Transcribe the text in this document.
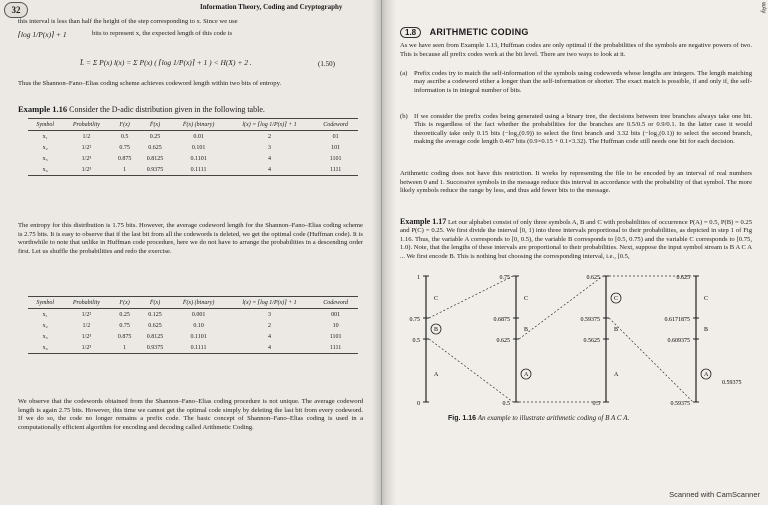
32	Information Theory, Coding and Cryptography

this interval is less than half the height of the step corresponding to x. Since we use

⌈log 1/P(x)⌉ + 1	bits to represent x, the expected length of this code is

L̄ = Σ P(x) l(x) = Σ P(x) ( ⌈log 1/P(x)⌉ + 1 ) < H(X) + 2 .	(1.50)

Thus the Shannon–Fano–Elias coding scheme achieves codeword length within two bits of entropy.

Example 1.16 Consider the D-adic distribution given in the following table.
Symbol	Probability	F(x)	F̄(x)	F̄(x) (binary)	l(x) = ⌈log 1/P(x)⌉ + 1	Codeword
x₁	1/2	0.5	0.25	0.01	2	01
x₂	1/2²	0.75	0.625	0.101	3	101
x₃	1/2³	0.875	0.8125	0.1101	4	1101
x₄	1/2³	1	0.9375	0.1111	4	1111

The entropy for this distribution is 1.75 bits. However, the average codeword length for the Shannon–Fano–Elias coding scheme is 2.75 bits. It is easy to observe that if the last bit from all the codewords is deleted, we get the optimal code (Huffman code). It is worthwhile to note that unlike in Huffman code procedure, here we do not have to arrange the probabilities in a descending order first. Let us shuffle the probabilities and redo the exercise.

Symbol	Probability	F(x)	F̄(x)	F̄(x) (binary)	l(x) = ⌈log 1/P(x)⌉ + 1	Codeword
x₁	1/2²	0.25	0.125	0.001	3	001
x₂	1/2	0.75	0.625	0.10	2	10
x₃	1/2³	0.875	0.8125	0.1101	4	1101
x₄	1/2³	1	0.9375	0.1111	4	1111

We observe that the codewords obtained from the Shannon–Fano–Elias coding procedure is not unique. The average codeword length is again 2.75 bits. However, this time we cannot get the optimal code simply by deleting the last bit from every codeword. If we do so, the code no longer remains a prefix code. The basic concept of Shannon–Fano–Elias coding is used in a computationally efficient algorithm for encoding and decoding called Arithmetic Coding.

1.8 ARITHMETIC CODING
wAy

As we have seen from Example 1.13, Huffman codes are only optimal if the probabilities of the symbols are negative powers of two. This is because all prefix codes work at the bit level. There are two ways to look at it.

(a)	Prefix codes try to match the self-information of the symbols using codewords whose lengths are integers. The length matching may ascribe a codeword either a longer than the self-information or shorter. The exact match is possible, if and only if, the self-information is in integral number of bits.
(b) If we consider the prefix codes being generated using a binary tree, the decisions between tree branches always take one bit. This is regardless of the fact whether the probabilities for the branches are 0.5/0.5 or 0.9/0.1. In the latter case it would theoretically take only 0.15 bits (−log₂(0.9)) to select the first branch and 3.32 bits (−log₂(0.1)) to select the second branch, making the average code length 0.467 bits (0.9×0.15 + 0.1×3.32). The Huffman code still needs one bit for each decision.

Arithmetic coding does not have this restriction. It works by representing the file to be encoded by an interval of real numbers between 0 and 1. Successive symbols in the message reduce this interval in accordance with the probability of that symbol. The more likely symbols reduce the range by less, and thus add fewer bits to the message.

Example 1.17 Let our alphabet consist of only three symbols A, B and C with probabilities of occurrence P(A) = 0.5, P(B) = 0.25 and P(C) = 0.25. We first divide the interval [0, 1) into three intervals proportional to their probabilities, as depicted in step 1 of Fig 1.16. Thus, the variable A corresponds to [0, 0.5), the variable B corresponds to [0.5, 0.75) and the variable C corresponds to [0.75, 1.0). Note, that the lengths of these intervals are proportional to their probabilities. Next, suppose the input symbol stream is B A C A ... We first encode B. This is nothing but choosing the corresponding interval, i.e., [0.5,
1
0.75
0.5
0
C
B
A
0.75
0.6875
0.625
0.5
C
B
A
0.625
0.59375
0.5625
0.5
C
B
A
0.625
0.6171875
0.609375
0.59375
C
B
A
0.59375
Fig. 1.16 An example to illustrate arithmetic coding of B A C A.
Scanned with CamScanner
